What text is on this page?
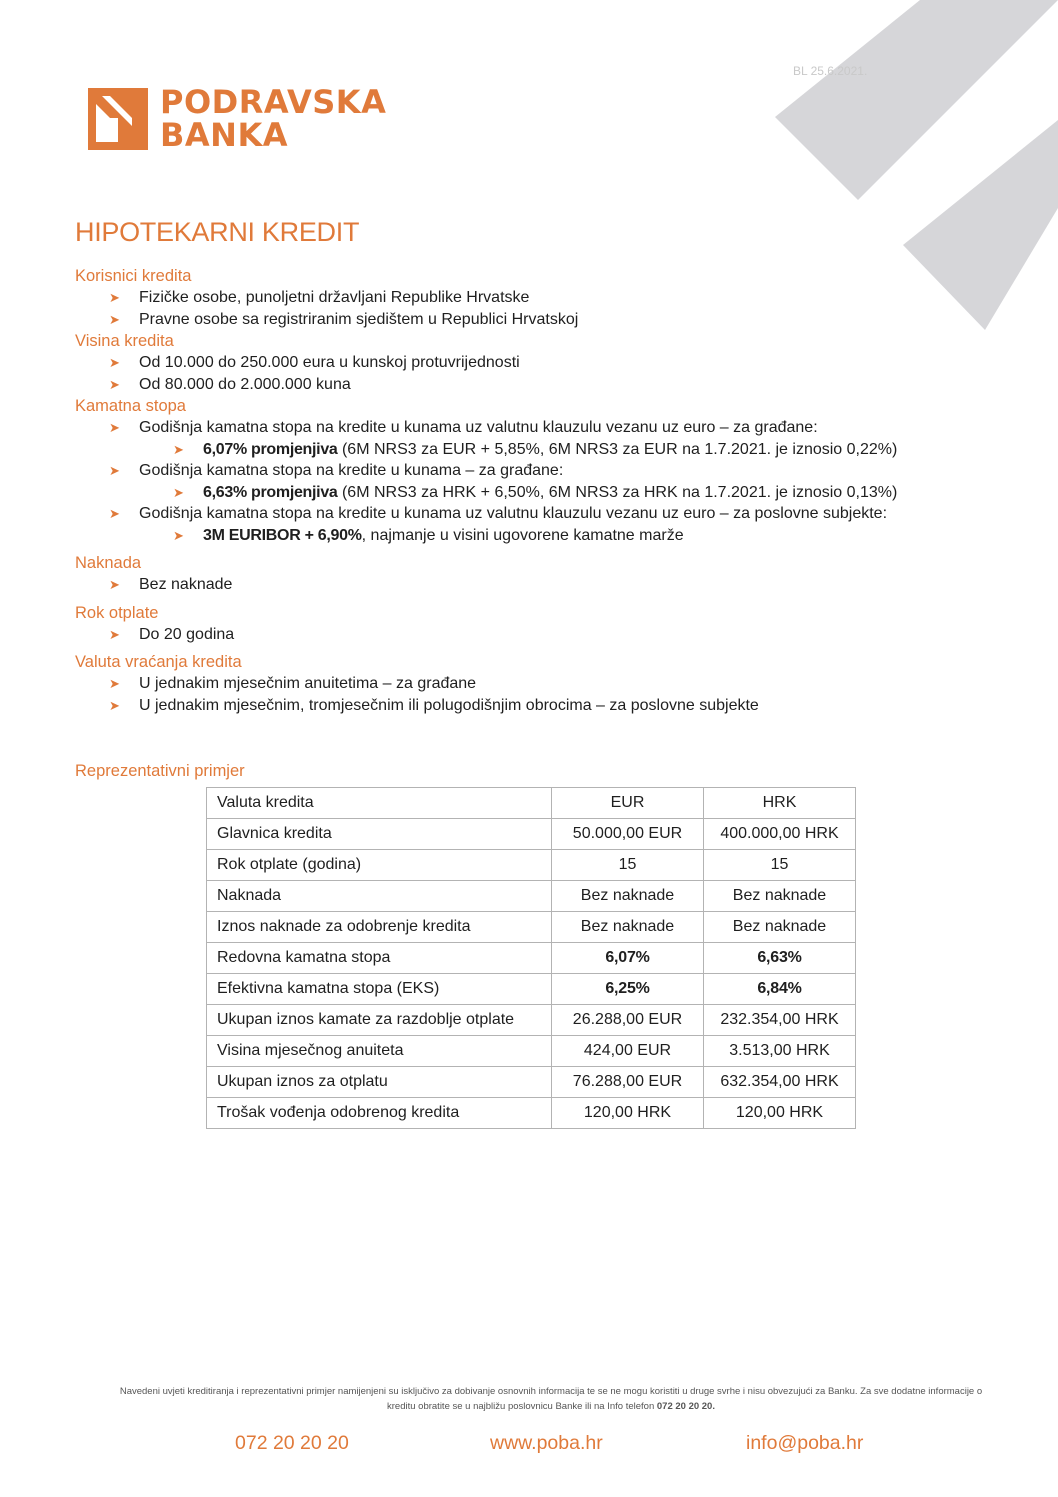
BL 25.6.2021.
PODRAVSKA
BANKA
HIPOTEKARNI KREDIT
Korisnici kredita
➤ Fizičke osobe, punoljetni državljani Republike Hrvatske
➤ Pravne osobe sa registriranim sjedištem u Republici Hrvatskoj
Visina kredita
➤ Od 10.000 do 250.000 eura u kunskoj protuvrijednosti
➤ Od 80.000 do 2.000.000 kuna
Kamatna stopa
➤ Godišnja kamatna stopa na kredite u kunama uz valutnu klauzulu vezanu uz euro – za građane:
➤ 6,07% promjenjiva (6M NRS3 za EUR + 5,85%, 6M NRS3 za EUR na 1.7.2021. je iznosio 0,22%)
➤ Godišnja kamatna stopa na kredite u kunama – za građane:
➤ 6,63% promjenjiva (6M NRS3 za HRK + 6,50%, 6M NRS3 za HRK na 1.7.2021. je iznosio 0,13%)
➤ Godišnja kamatna stopa na kredite u kunama uz valutnu klauzulu vezanu uz euro – za poslovne subjekte:
➤ 3M EURIBOR + 6,90%, najmanje u visini ugovorene kamatne marže
Naknada
➤ Bez naknade
Rok otplate
➤ Do 20 godina
Valuta vraćanja kredita
➤ U jednakim mjesečnim anuitetima – za građane
➤ U jednakim mjesečnim, tromjesečnim ili polugodišnjim obrocima – za poslovne subjekte
Reprezentativni primjer
Valuta kredita	EUR	HRK
Glavnica kredita	50.000,00 EUR	400.000,00 HRK
Rok otplate (godina)	15	15
Naknada	Bez naknade	Bez naknade
Iznos naknade za odobrenje kredita	Bez naknade	Bez naknade
Redovna kamatna stopa	6,07%	6,63%
Efektivna kamatna stopa (EKS)	6,25%	6,84%
Ukupan iznos kamate za razdoblje otplate	26.288,00 EUR	232.354,00 HRK
Visina mjesečnog anuiteta	424,00 EUR	3.513,00 HRK
Ukupan iznos za otplatu	76.288,00 EUR	632.354,00 HRK
Trošak vođenja odobrenog kredita	120,00 HRK	120,00 HRK
Navedeni uvjeti kreditiranja i reprezentativni primjer namijenjeni su isključivo za dobivanje osnovnih informacija te se ne mogu koristiti u druge svrhe i nisu obvezujući za Banku. Za sve dodatne informacije o
kreditu obratite se u najbližu poslovnicu Banke ili na Info telefon 072 20 20 20.
072 20 20 20	www.poba.hr	info@poba.hr
